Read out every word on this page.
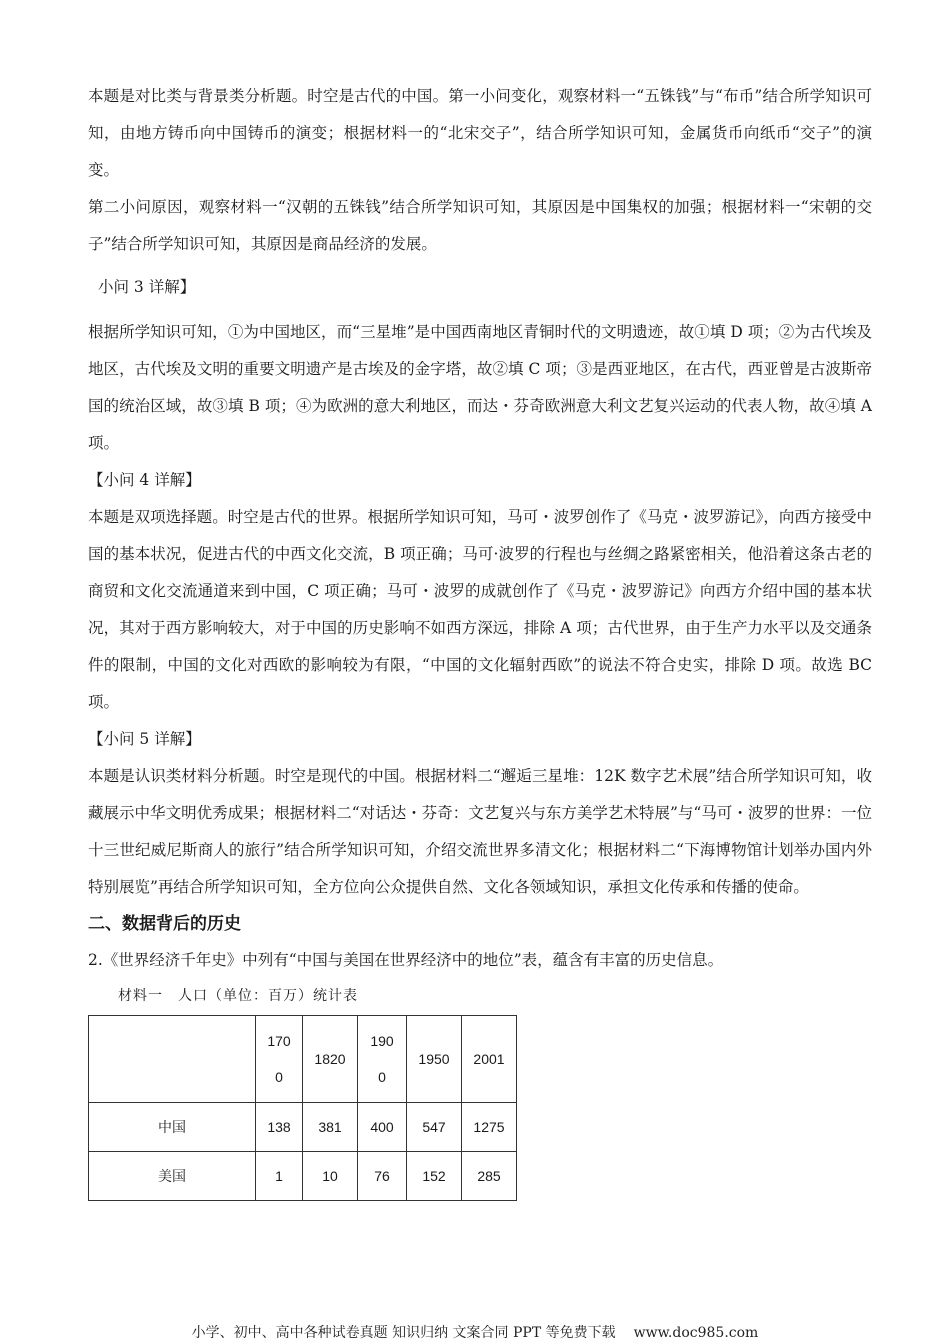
本题是对比类与背景类分析题。时空是古代的中国。第一小问变化，观察材料一“五铢钱”与“布币”结合所学知识可知，由地方铸币向中国铸币的演变；根据材料一的“北宋交子”，结合所学知识可知，金属货币向纸币“交子”的演变。

第二小问原因，观察材料一“汉朝的五铢钱”结合所学知识可知，其原因是中国集权的加强；根据材料一“宋朝的交子”结合所学知识可知，其原因是商品经济的发展。

小问 3 详解】

根据所学知识可知，①为中国地区，而“三星堆”是中国西南地区青铜时代的文明遗迹，故①填 D 项；②为古代埃及地区，古代埃及文明的重要文明遗产是古埃及的金字塔，故②填 C 项；③是西亚地区，在古代，西亚曾是古波斯帝国的统治区域，故③填 B 项；④为欧洲的意大利地区，而达・芬奇欧洲意大利文艺复兴运动的代表人物，故④填 A 项。

【小问 4 详解】

本题是双项选择题。时空是古代的世界。根据所学知识可知，马可・波罗创作了《马克・波罗游记》，向西方接受中国的基本状况，促进古代的中西文化交流，B 项正确；马可·波罗的行程也与丝绸之路紧密相关，他沿着这条古老的商贸和文化交流通道来到中国，C 项正确；马可・波罗的成就创作了《马克・波罗游记》向西方介绍中国的基本状况，其对于西方影响较大，对于中国的历史影响不如西方深远，排除 A 项；古代世界，由于生产力水平以及交通条件的限制，中国的文化对西欧的影响较为有限，“中国的文化辐射西欧”的说法不符合史实，排除 D 项。故选 BC 项。

【小问 5 详解】

本题是认识类材料分析题。时空是现代的中国。根据材料二“邂逅三星堆：12K 数字艺术展”结合所学知识可知，收藏展示中华文明优秀成果；根据材料二“对话达・芬奇：文艺复兴与东方美学艺术特展”与“马可・波罗的世界：一位十三世纪威尼斯商人的旅行”结合所学知识可知，介绍交流世界多清文化；根据材料二“下海博物馆计划举办国内外特别展览”再结合所学知识可知，全方位向公众提供自然、文化各领域知识，承担文化传承和传播的使命。

二、数据背后的历史

2.《世界经济千年史》中列有“中国与美国在世界经济中的地位”表，蕴含有丰富的历史信息。

材料一　人口（单位：百万）统计表

	1700	1820	1900	1950	2001
中国	138	381	400	547	1275
美国	1	10	76	152	285
小学、初中、高中各种试卷真题 知识归纳 文案合同 PPT 等免费下载 www.doc985.com
